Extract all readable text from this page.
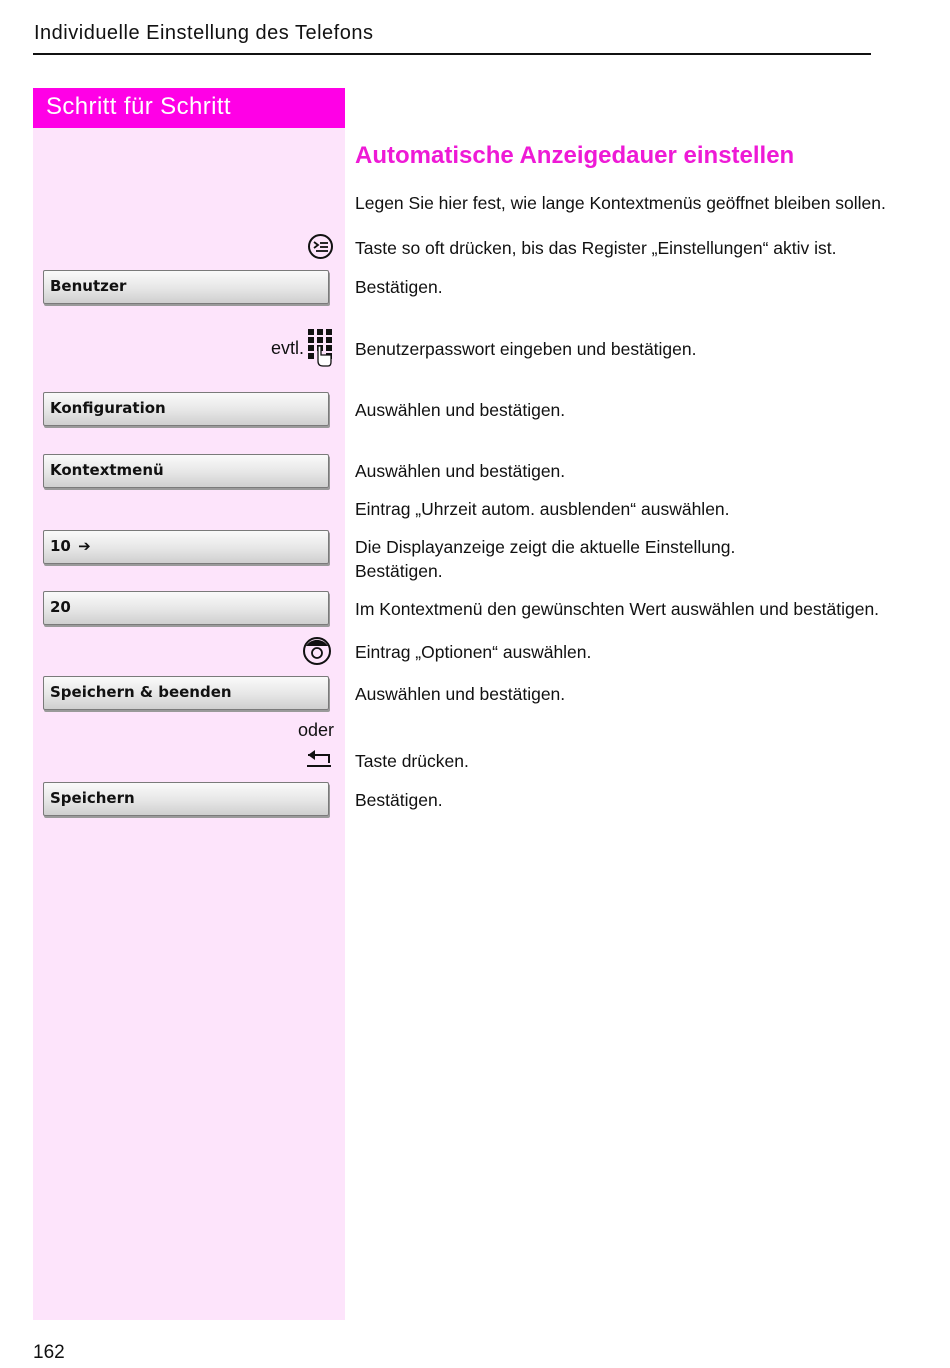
Individuelle Einstellung des Telefons
Schritt für Schritt
Benutzer
evtl.
Konfiguration
Kontextmenü
10 ➔
20
Speichern & beenden
oder
Speichern
Automatische Anzeigedauer einstellen
Legen Sie hier fest, wie lange Kontextmenüs geöffnet bleiben sollen.
Taste so oft drücken, bis das Register „Einstellungen“ aktiv ist.
Bestätigen.
Benutzerpasswort eingeben und bestätigen.
Auswählen und bestätigen.
Auswählen und bestätigen.
Eintrag „Uhrzeit autom. ausblenden“ auswählen.
Die Displayanzeige zeigt die aktuelle Einstellung.
Bestätigen.
Im Kontextmenü den gewünschten Wert auswählen und bestätigen.
Eintrag „Optionen“ auswählen.
Auswählen und bestätigen.
Taste drücken.
Bestätigen.
162
